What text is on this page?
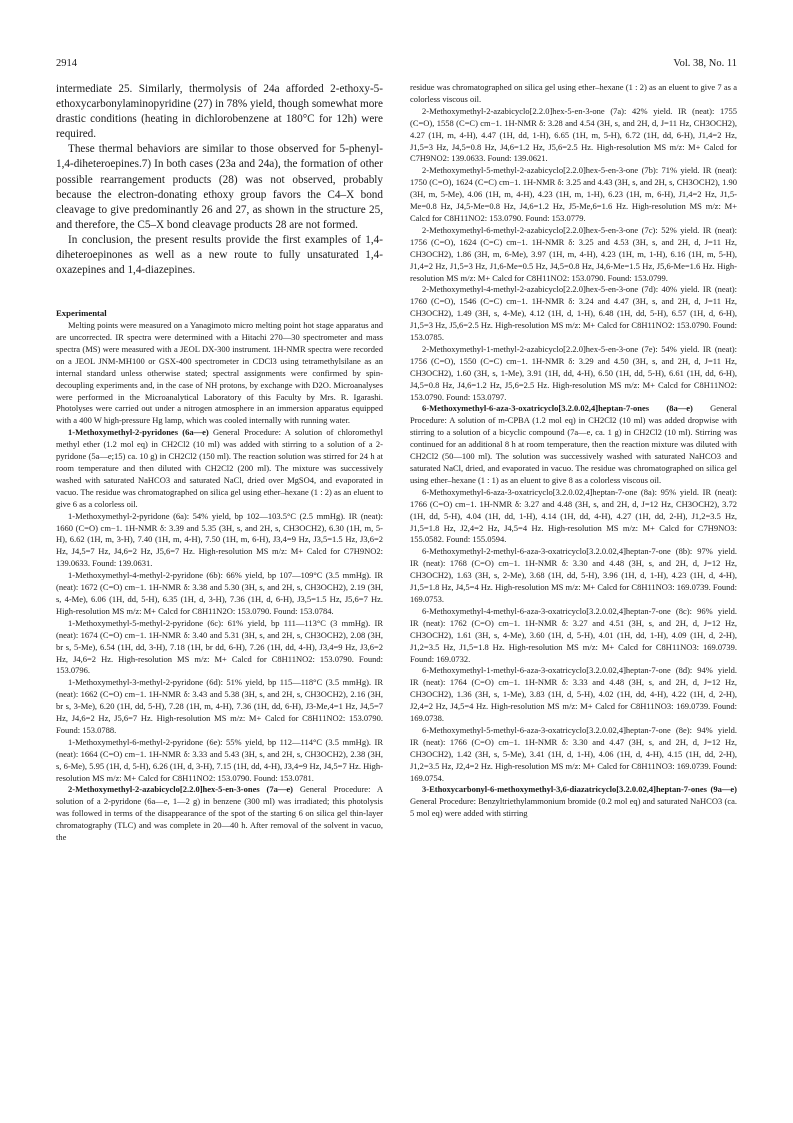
2914	Vol. 38, No. 11

intermediate 25. Similarly, thermolysis of 24a afforded 2-ethoxy-5-ethoxycarbonylaminopyridine (27) in 78% yield, though somewhat more drastic conditions (heating in dichlorobenzene at 180°C for 12h) were required.

These thermal behaviors are similar to those observed for 5-phenyl-1,4-diheteroepines.7) In both cases (23a and 24a), the formation of other possible rearrangement products (28) was not observed, probably because the electron-donating ethoxy group favors the C4–X bond cleavage to give predominantly 26 and 27, as shown in the structure 25, and therefore, the C5–X bond cleavage products 28 are not formed.

In conclusion, the present results provide the first examples of 1,4-diheteroepinones as well as a new route to fully unsaturated 1,4-oxazepines and 1,4-diazepines.

Experimental

Melting points were measured on a Yanagimoto micro melting point hot stage apparatus and are uncorrected. IR spectra were determined with a Hitachi 270—30 spectrometer and mass spectra (MS) were measured with a JEOL DX-300 instrument. 1H-NMR spectra were recorded on a JEOL JNM-MH100 or GSX-400 spectrometer in CDCl3 using tetramethylsilane as an internal standard unless otherwise stated; spectral assignments were confirmed by spin-decoupling experiments and, in the case of NH protons, by exchange with D2O. Microanalyses were performed in the Microanalytical Laboratory of this Faculty by Mrs. R. Igarashi. Photolyses were carried out under a nitrogen atmosphere in an immersion apparatus equipped with a 400 W high-pressure Hg lamp, which was cooled internally with running water.

1-Methoxymethyl-2-pyridones (6a—e) General Procedure: A solution of chloromethyl methyl ether (1.2 mol eq) in CH2Cl2 (10 ml) was added with stirring to a solution of a 2-pyridone (5a—e;15) ca. 10 g) in CH2Cl2 (150 ml). The reaction solution was stirred for 24 h at room temperature and then diluted with CH2Cl2 (200 ml). The mixture was successively washed with saturated NaHCO3 and saturated NaCl, dried over MgSO4, and evaporated in vacuo. The residue was chromatographed on silica gel using ether–hexane (1 : 2) as an eluent to give 6 as a colorless oil.

1-Methoxymethyl-2-pyridone (6a): 54% yield, bp 102—103.5°C (2.5 mmHg). IR (neat): 1660 (C=O) cm−1. 1H-NMR δ: 3.39 and 5.35 (3H, s, and 2H, s, CH3OCH2), 6.30 (1H, m, 5-H), 6.62 (1H, m, 3-H), 7.40 (1H, m, 4-H), 7.50 (1H, m, 6-H), J3,4=9 Hz, J3,5=1.5 Hz, J3,6=2 Hz, J4,5=7 Hz, J4,6=2 Hz, J5,6=7 Hz. High-resolution MS m/z: M+ Calcd for C7H9NO2: 139.0633. Found: 139.0631.

1-Methoxymethyl-4-methyl-2-pyridone (6b): 66% yield, bp 107—109°C (3.5 mmHg). IR (neat): 1672 (C=O) cm−1. 1H-NMR δ: 3.38 and 5.30 (3H, s, and 2H, s, CH3OCH2), 2.19 (3H, s, 4-Me), 6.06 (1H, dd, 5-H), 6.35 (1H, d, 3-H), 7.36 (1H, d, 6-H), J3,5=1.5 Hz, J5,6=7 Hz. High-resolution MS m/z: M+ Calcd for C8H11N2O: 153.0790. Found: 153.0784.

1-Methoxymethyl-5-methyl-2-pyridone (6c): 61% yield, bp 111—113°C (3 mmHg). IR (neat): 1674 (C=O) cm−1. 1H-NMR δ: 3.40 and 5.31 (3H, s, and 2H, s, CH3OCH2), 2.08 (3H, br s, 5-Me), 6.54 (1H, dd, 3-H), 7.18 (1H, br dd, 6-H), 7.26 (1H, dd, 4-H), J3,4=9 Hz, J3,6=2 Hz, J4,6=2 Hz. High-resolution MS m/z: M+ Calcd for C8H11NO2: 153.0790. Found: 153.0796.

1-Methoxymethyl-3-methyl-2-pyridone (6d): 51% yield, bp 115—118°C (3.5 mmHg). IR (neat): 1662 (C=O) cm−1. 1H-NMR δ: 3.43 and 5.38 (3H, s, and 2H, s, CH3OCH2), 2.16 (3H, br s, 3-Me), 6.20 (1H, dd, 5-H), 7.28 (1H, m, 4-H), 7.36 (1H, dd, 6-H), J3-Me,4=1 Hz, J4,5=7 Hz, J4,6=2 Hz, J5,6=7 Hz. High-resolution MS m/z: M+ Calcd for C8H11NO2: 153.0790. Found: 153.0788.

1-Methoxymethyl-6-methyl-2-pyridone (6e): 55% yield, bp 112—114°C (3.5 mmHg). IR (neat): 1664 (C=O) cm−1. 1H-NMR δ: 3.33 and 5.43 (3H, s, and 2H, s, CH3OCH2), 2.38 (3H, s, 6-Me), 5.95 (1H, d, 5-H), 6.26 (1H, d, 3-H), 7.15 (1H, dd, 4-H), J3,4=9 Hz, J4,5=7 Hz. High-resolution MS m/z: M+ Calcd for C8H11NO2: 153.0790. Found: 153.0781.

2-Methoxymethyl-2-azabicyclo[2.2.0]hex-5-en-3-ones (7a—e) General Procedure: A solution of a 2-pyridone (6a—e, 1—2 g) in benzene (300 ml) was irradiated; this photolysis was followed in terms of the disappearance of the spot of the starting 6 on silica gel thin-layer chromatography (TLC) and was complete in 20—40 h. After removal of the solvent in vacuo, the

residue was chromatographed on silica gel using ether–hexane (1 : 2) as an eluent to give 7 as a colorless viscous oil.

2-Methoxymethyl-2-azabicyclo[2.2.0]hex-5-en-3-one (7a): 42% yield. IR (neat): 1755 (C=O), 1558 (C=C) cm−1. 1H-NMR δ: 3.28 and 4.54 (3H, s, and 2H, d, J=11 Hz, CH3OCH2), 4.27 (1H, m, 4-H), 4.47 (1H, dd, 1-H), 6.65 (1H, m, 5-H), 6.72 (1H, dd, 6-H), J1,4=2 Hz, J1,5=3 Hz, J4,5=0.8 Hz, J4,6=1.2 Hz, J5,6=2.5 Hz. High-resolution MS m/z: M+ Calcd for C7H9NO2: 139.0633. Found: 139.0621.

2-Methoxymethyl-5-methyl-2-azabicyclo[2.2.0]hex-5-en-3-one (7b): 71% yield. IR (neat): 1750 (C=O), 1624 (C=C) cm−1. 1H-NMR δ: 3.25 and 4.43 (3H, s, and 2H, s, CH3OCH2), 1.90 (3H, m, 5-Me), 4.06 (1H, m, 4-H), 4.23 (1H, m, 1-H), 6.23 (1H, m, 6-H), J1,4=2 Hz, J1,5-Me=0.8 Hz, J4,5-Me=0.8 Hz, J4,6=1.2 Hz, J5-Me,6=1.6 Hz. High-resolution MS m/z: M+ Calcd for C8H11NO2: 153.0790. Found: 153.0779.

2-Methoxymethyl-6-methyl-2-azabicyclo[2.2.0]hex-5-en-3-one (7c): 52% yield. IR (neat): 1756 (C=O), 1624 (C=C) cm−1. 1H-NMR δ: 3.25 and 4.53 (3H, s, and 2H, d, J=11 Hz, CH3OCH2), 1.86 (3H, m, 6-Me), 3.97 (1H, m, 4-H), 4.23 (1H, m, 1-H), 6.16 (1H, m, 5-H), J1,4=2 Hz, J1,5=3 Hz, J1,6-Me=0.5 Hz, J4,5=0.8 Hz, J4,6-Me=1.5 Hz, J5,6-Me=1.6 Hz. High-resolution MS m/z: M+ Calcd for C8H11NO2: 153.0790. Found: 153.0799.

2-Methoxymethyl-4-methyl-2-azabicyclo[2.2.0]hex-5-en-3-one (7d): 40% yield. IR (neat): 1760 (C=O), 1546 (C=C) cm−1. 1H-NMR δ: 3.24 and 4.47 (3H, s, and 2H, d, J=11 Hz, CH3OCH2), 1.49 (3H, s, 4-Me), 4.12 (1H, d, 1-H), 6.48 (1H, dd, 5-H), 6.57 (1H, d, 6-H), J1,5=3 Hz, J5,6=2.5 Hz. High-resolution MS m/z: M+ Calcd for C8H11NO2: 153.0790. Found: 153.0785.

2-Methoxymethyl-1-methyl-2-azabicyclo[2.2.0]hex-5-en-3-one (7e): 54% yield. IR (neat): 1756 (C=O), 1550 (C=C) cm−1. 1H-NMR δ: 3.29 and 4.50 (3H, s, and 2H, d, J=11 Hz, CH3OCH2), 1.60 (3H, s, 1-Me), 3.91 (1H, dd, 4-H), 6.50 (1H, dd, 5-H), 6.61 (1H, dd, 6-H), J4,5=0.8 Hz, J4,6=1.2 Hz, J5,6=2.5 Hz. High-resolution MS m/z: M+ Calcd for C8H11NO2: 153.0790. Found: 153.0797.

6-Methoxymethyl-6-aza-3-oxatricyclo[3.2.0.02,4]heptan-7-ones (8a—e) General Procedure: A solution of m-CPBA (1.2 mol eq) in CH2Cl2 (10 ml) was added dropwise with stirring to a solution of a bicyclic compound (7a—e, ca. 1 g) in CH2Cl2 (10 ml). Stirring was continued for an additional 8 h at room temperature, then the reaction mixture was diluted with CH2Cl2 (50—100 ml). The solution was successively washed with saturated NaHCO3 and saturated NaCl, dried, and evaporated in vacuo. The residue was chromatographed on silica gel using ether–hexane (1 : 1) as an eluent to give 8 as a colorless viscous oil.

6-Methoxymethyl-6-aza-3-oxatricyclo[3.2.0.02,4]heptan-7-one (8a): 95% yield. IR (neat): 1766 (C=O) cm−1. 1H-NMR δ: 3.27 and 4.48 (3H, s, and 2H, d, J=12 Hz, CH3OCH2), 3.72 (1H, dd, 5-H), 4.04 (1H, dd, 1-H), 4.14 (1H, dd, 4-H), 4.27 (1H, dd, 2-H), J1,2=3.5 Hz, J1,5=1.8 Hz, J2,4=2 Hz, J4,5=4 Hz. High-resolution MS m/z: M+ Calcd for C7H9NO3: 155.0582. Found: 155.0594.

6-Methoxymethyl-2-methyl-6-aza-3-oxatricyclo[3.2.0.02,4]heptan-7-one (8b): 97% yield. IR (neat): 1768 (C=O) cm−1. 1H-NMR δ: 3.30 and 4.48 (3H, s, and 2H, d, J=12 Hz, CH3OCH2), 1.63 (3H, s, 2-Me), 3.68 (1H, dd, 5-H), 3.96 (1H, d, 1-H), 4.23 (1H, d, 4-H), J1,5=1.8 Hz, J4,5=4 Hz. High-resolution MS m/z: M+ Calcd for C8H11NO3: 169.0739. Found: 169.0753.

6-Methoxymethyl-4-methyl-6-aza-3-oxatricyclo[3.2.0.02,4]heptan-7-one (8c): 96% yield. IR (neat): 1762 (C=O) cm−1. 1H-NMR δ: 3.27 and 4.51 (3H, s, and 2H, d, J=12 Hz, CH3OCH2), 1.61 (3H, s, 4-Me), 3.60 (1H, d, 5-H), 4.01 (1H, dd, 1-H), 4.09 (1H, d, 2-H), J1,2=3.5 Hz, J1,5=1.8 Hz. High-resolution MS m/z: M+ Calcd for C8H11NO3: 169.0739. Found: 169.0732.

6-Methoxymethyl-1-methyl-6-aza-3-oxatricyclo[3.2.0.02,4]heptan-7-one (8d): 94% yield. IR (neat): 1764 (C=O) cm−1. 1H-NMR δ: 3.33 and 4.48 (3H, s, and 2H, d, J=12 Hz, CH3OCH2), 1.36 (3H, s, 1-Me), 3.83 (1H, d, 5-H), 4.02 (1H, dd, 4-H), 4.22 (1H, d, 2-H), J2,4=2 Hz, J4,5=4 Hz. High-resolution MS m/z: M+ Calcd for C8H11NO3: 169.0739. Found: 169.0738.

6-Methoxymethyl-5-methyl-6-aza-3-oxatricyclo[3.2.0.02,4]heptan-7-one (8e): 94% yield. IR (neat): 1766 (C=O) cm−1. 1H-NMR δ: 3.30 and 4.47 (3H, s, and 2H, d, J=12 Hz, CH3OCH2), 1.42 (3H, s, 5-Me), 3.41 (1H, d, 1-H), 4.06 (1H, d, 4-H), 4.15 (1H, dd, 2-H), J1,2=3.5 Hz, J2,4=2 Hz. High-resolution MS m/z: M+ Calcd for C8H11NO3: 169.0739. Found: 169.0754.

3-Ethoxycarbonyl-6-methoxymethyl-3,6-diazatricyclo[3.2.0.02,4]heptan-7-ones (9a—e) General Procedure: Benzyltriethylammonium bromide (0.2 mol eq) and saturated NaHCO3 (ca. 5 mol eq) were added with stirring
